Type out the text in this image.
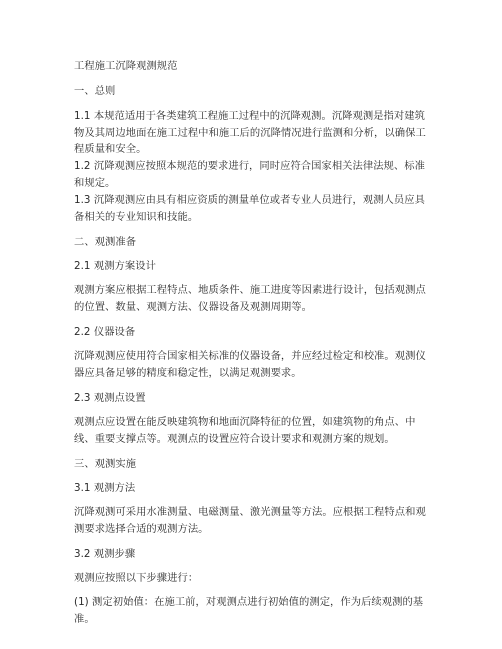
工程施工沉降观测规范

一、总则

1.1 本规范适用于各类建筑工程施工过程中的沉降观测。沉降观测是指对建筑物及其周边地面在施工过程中和施工后的沉降情况进行监测和分析，以确保工程质量和安全。

1.2 沉降观测应按照本规范的要求进行，同时应符合国家相关法律法规、标准和规定。

1.3 沉降观测应由具有相应资质的测量单位或者专业人员进行，观测人员应具备相关的专业知识和技能。

二、观测准备

2.1 观测方案设计

观测方案应根据工程特点、地质条件、施工进度等因素进行设计，包括观测点的位置、数量、观测方法、仪器设备及观测周期等。

2.2 仪器设备

沉降观测应使用符合国家相关标准的仪器设备，并应经过检定和校准。观测仪器应具备足够的精度和稳定性，以满足观测要求。

2.3 观测点设置

观测点应设置在能反映建筑物和地面沉降特征的位置，如建筑物的角点、中线、重要支撑点等。观测点的设置应符合设计要求和观测方案的规划。

三、观测实施

3.1 观测方法

沉降观测可采用水准测量、电磁测量、激光测量等方法。应根据工程特点和观测要求选择合适的观测方法。

3.2 观测步骤

观测应按照以下步骤进行：

(1) 测定初始值：在施工前，对观测点进行初始值的测定，作为后续观测的基准。
